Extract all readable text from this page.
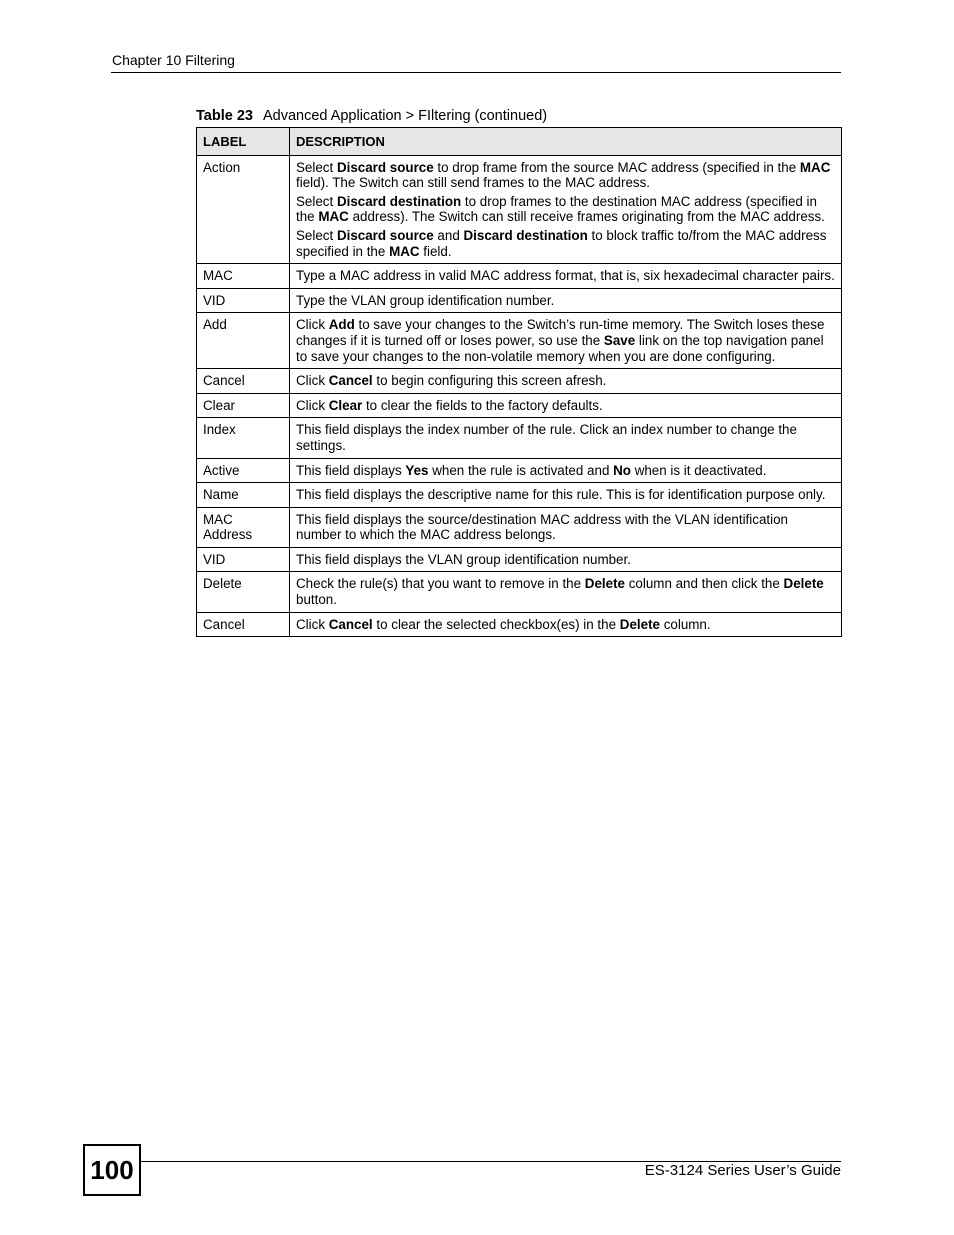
Chapter 10 Filtering
Table 23 Advanced Application > FIltering (continued)
LABEL	DESCRIPTION
Action	Select Discard source to drop frame from the source MAC address (specified in the MAC field). The Switch can still send frames to the MAC address.

Select Discard destination to drop frames to the destination MAC address (specified in the MAC address). The Switch can still receive frames originating from the MAC address.

Select Discard source and Discard destination to block traffic to/from the MAC address specified in the MAC field.

MAC	Type a MAC address in valid MAC address format, that is, six hexadecimal character pairs.

VID	Type the VLAN group identification number.

Add	Click Add to save your changes to the Switch’s run-time memory. The Switch loses these changes if it is turned off or loses power, so use the Save link on the top navigation panel to save your changes to the non-volatile memory when you are done configuring.

Cancel	Click Cancel to begin configuring this screen afresh.

Clear	Click Clear to clear the fields to the factory defaults.

Index	This field displays the index number of the rule. Click an index number to change the settings.

Active	This field displays Yes when the rule is activated and No when is it deactivated.

Name	This field displays the descriptive name for this rule. This is for identification purpose only.

MAC
Address	This field displays the source/destination MAC address with the VLAN identification number to which the MAC address belongs.

VID	This field displays the VLAN group identification number.

Delete	Check the rule(s) that you want to remove in the Delete column and then click the Delete button.

Cancel	Click Cancel to clear the selected checkbox(es) in the Delete column.

100	ES-3124 Series User’s Guide
